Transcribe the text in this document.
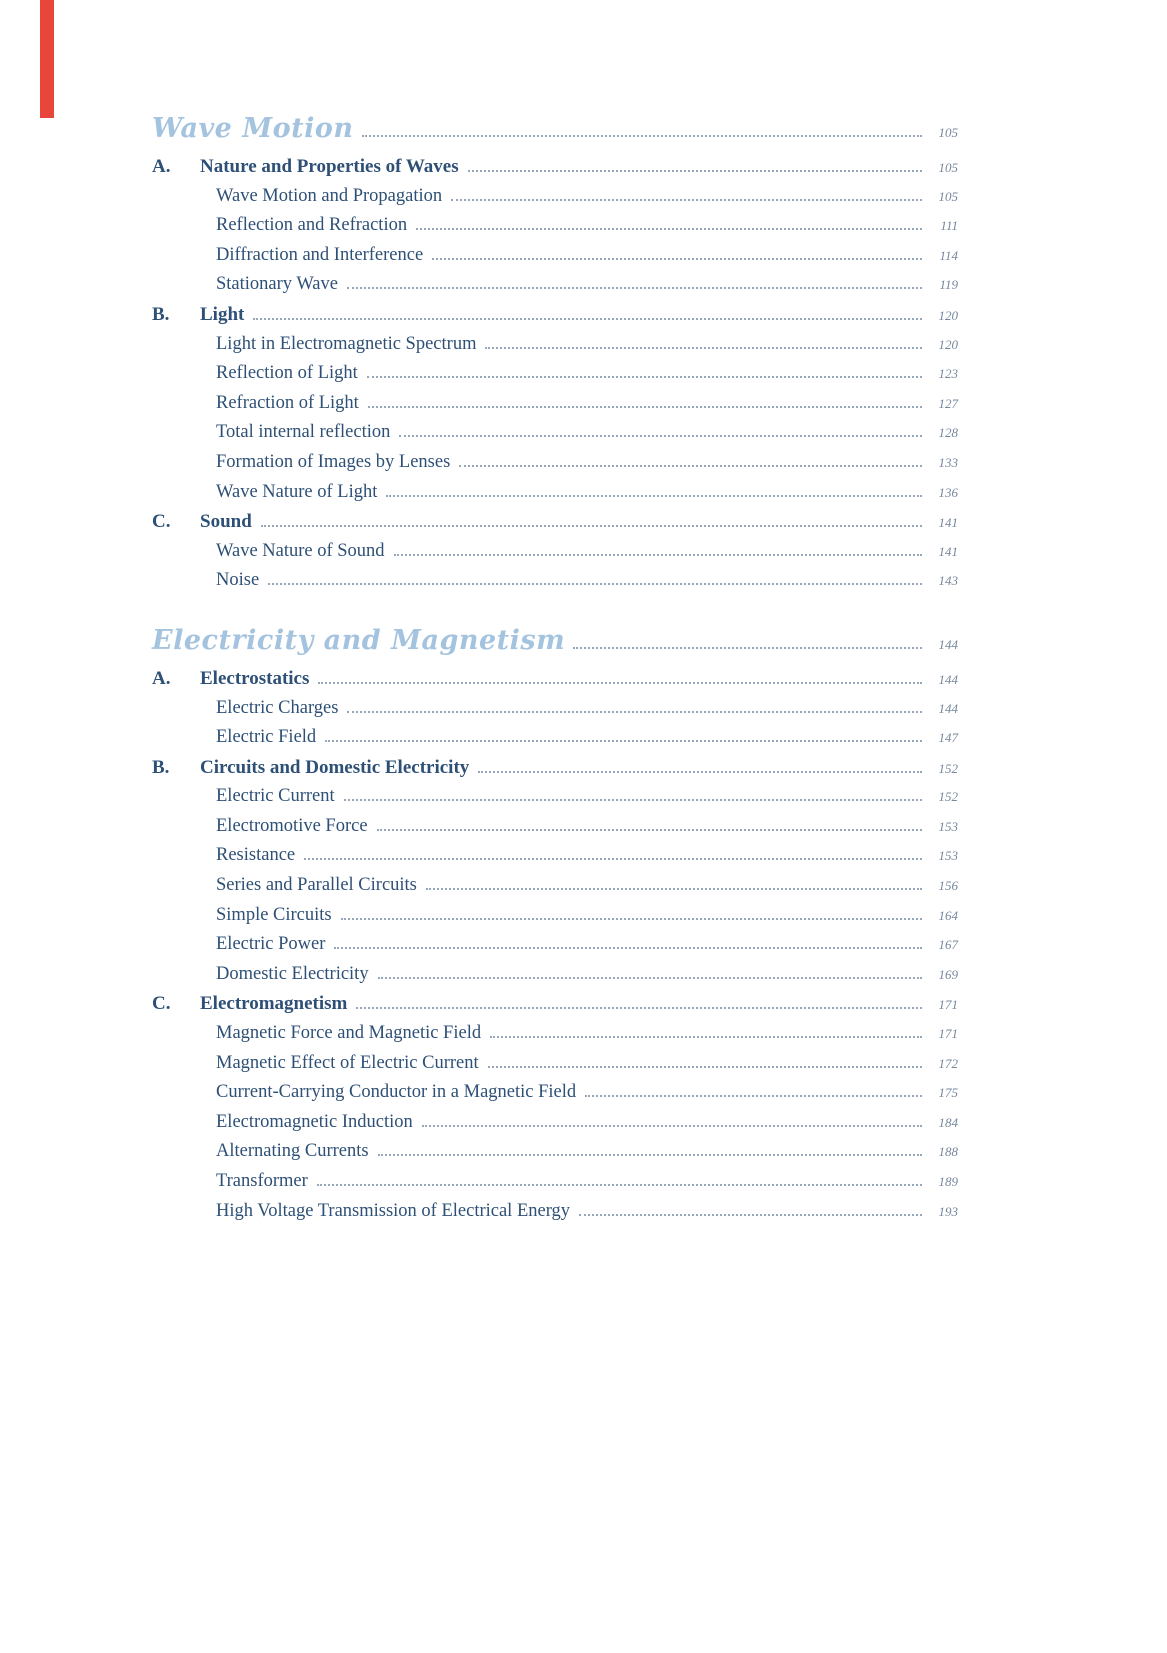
Wave Motion	105
A.	Nature and Properties of Waves	105
Wave Motion and Propagation	105
Reflection and Refraction	111
Diffraction and Interference	114
Stationary Wave	119
B.	Light	120
Light in Electromagnetic Spectrum	120
Reflection of Light	123
Refraction of Light	127
Total internal reflection	128
Formation of Images by Lenses	133
Wave Nature of Light	136
C.	Sound	141
Wave Nature of Sound	141
Noise	143
Electricity and Magnetism	144
A.	Electrostatics	144
Electric Charges	144
Electric Field	147
B.	Circuits and Domestic Electricity	152
Electric Current	152
Electromotive Force	153
Resistance	153
Series and Parallel Circuits	156
Simple Circuits	164
Electric Power	167
Domestic Electricity	169
C.	Electromagnetism	171
Magnetic Force and Magnetic Field	171
Magnetic Effect of Electric Current	172
Current-Carrying Conductor in a Magnetic Field	175
Electromagnetic Induction	184
Alternating Currents	188
Transformer	189
High Voltage Transmission of Electrical Energy	193
